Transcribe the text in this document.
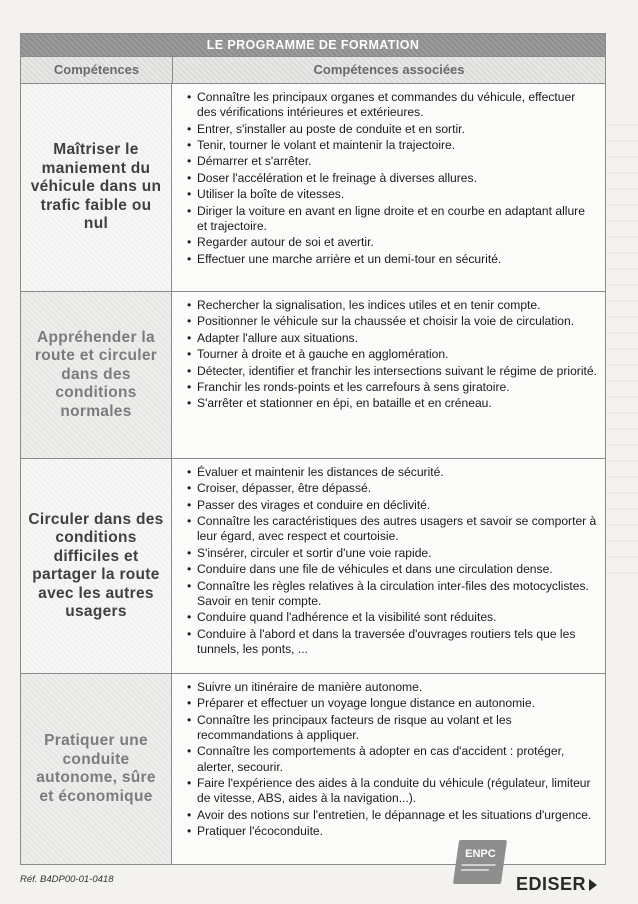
LE PROGRAMME DE FORMATION
Compétences	Compétences associées
Maîtriser le maniement du véhicule dans un trafic faible ou nul
• Connaître les principaux organes et commandes du véhicule, effectuer des vérifications intérieures et extérieures.
• Entrer, s'installer au poste de conduite et en sortir.
• Tenir, tourner le volant et maintenir la trajectoire.
• Démarrer et s'arrêter.
• Doser l'accélération et le freinage à diverses allures.
• Utiliser la boîte de vitesses.
• Diriger la voiture en avant en ligne droite et en courbe en adaptant allure et trajectoire.
• Regarder autour de soi et avertir.
• Effectuer une marche arrière et un demi-tour en sécurité.
Appréhender la route et circuler dans des conditions normales
• Rechercher la signalisation, les indices utiles et en tenir compte.
• Positionner le véhicule sur la chaussée et choisir la voie de circulation.
• Adapter l'allure aux situations.
• Tourner à droite et à gauche en agglomération.
• Détecter, identifier et franchir les intersections suivant le régime de priorité.
• Franchir les ronds-points et les carrefours à sens giratoire.
• S'arrêter et stationner en épi, en bataille et en créneau.
Circuler dans des conditions difficiles et partager la route avec les autres usagers
• Évaluer et maintenir les distances de sécurité.
• Croiser, dépasser, être dépassé.
• Passer des virages et conduire en déclivité.
• Connaître les caractéristiques des autres usagers et savoir se comporter à leur égard, avec respect et courtoisie.
• S'insérer, circuler et sortir d'une voie rapide.
• Conduire dans une file de véhicules et dans une circulation dense.
• Connaître les règles relatives à la circulation inter-files des motocyclistes. Savoir en tenir compte.
• Conduire quand l'adhérence et la visibilité sont réduites.
• Conduire à l'abord et dans la traversée d'ouvrages routiers tels que les tunnels, les ponts, ...
Pratiquer une conduite autonome, sûre et économique
• Suivre un itinéraire de manière autonome.
• Préparer et effectuer un voyage longue distance en autonomie.
• Connaître les principaux facteurs de risque au volant et les recommandations à appliquer.
• Connaître les comportements à adopter en cas d'accident : protéger, alerter, secourir.
• Faire l'expérience des aides à la conduite du véhicule (régulateur, limiteur de vitesse, ABS, aides à la navigation...).
• Avoir des notions sur l'entretien, le dépannage et les situations d'urgence.
• Pratiquer l'écoconduite.
Réf. B4DP00-01-0418
ENPC
EDISER
